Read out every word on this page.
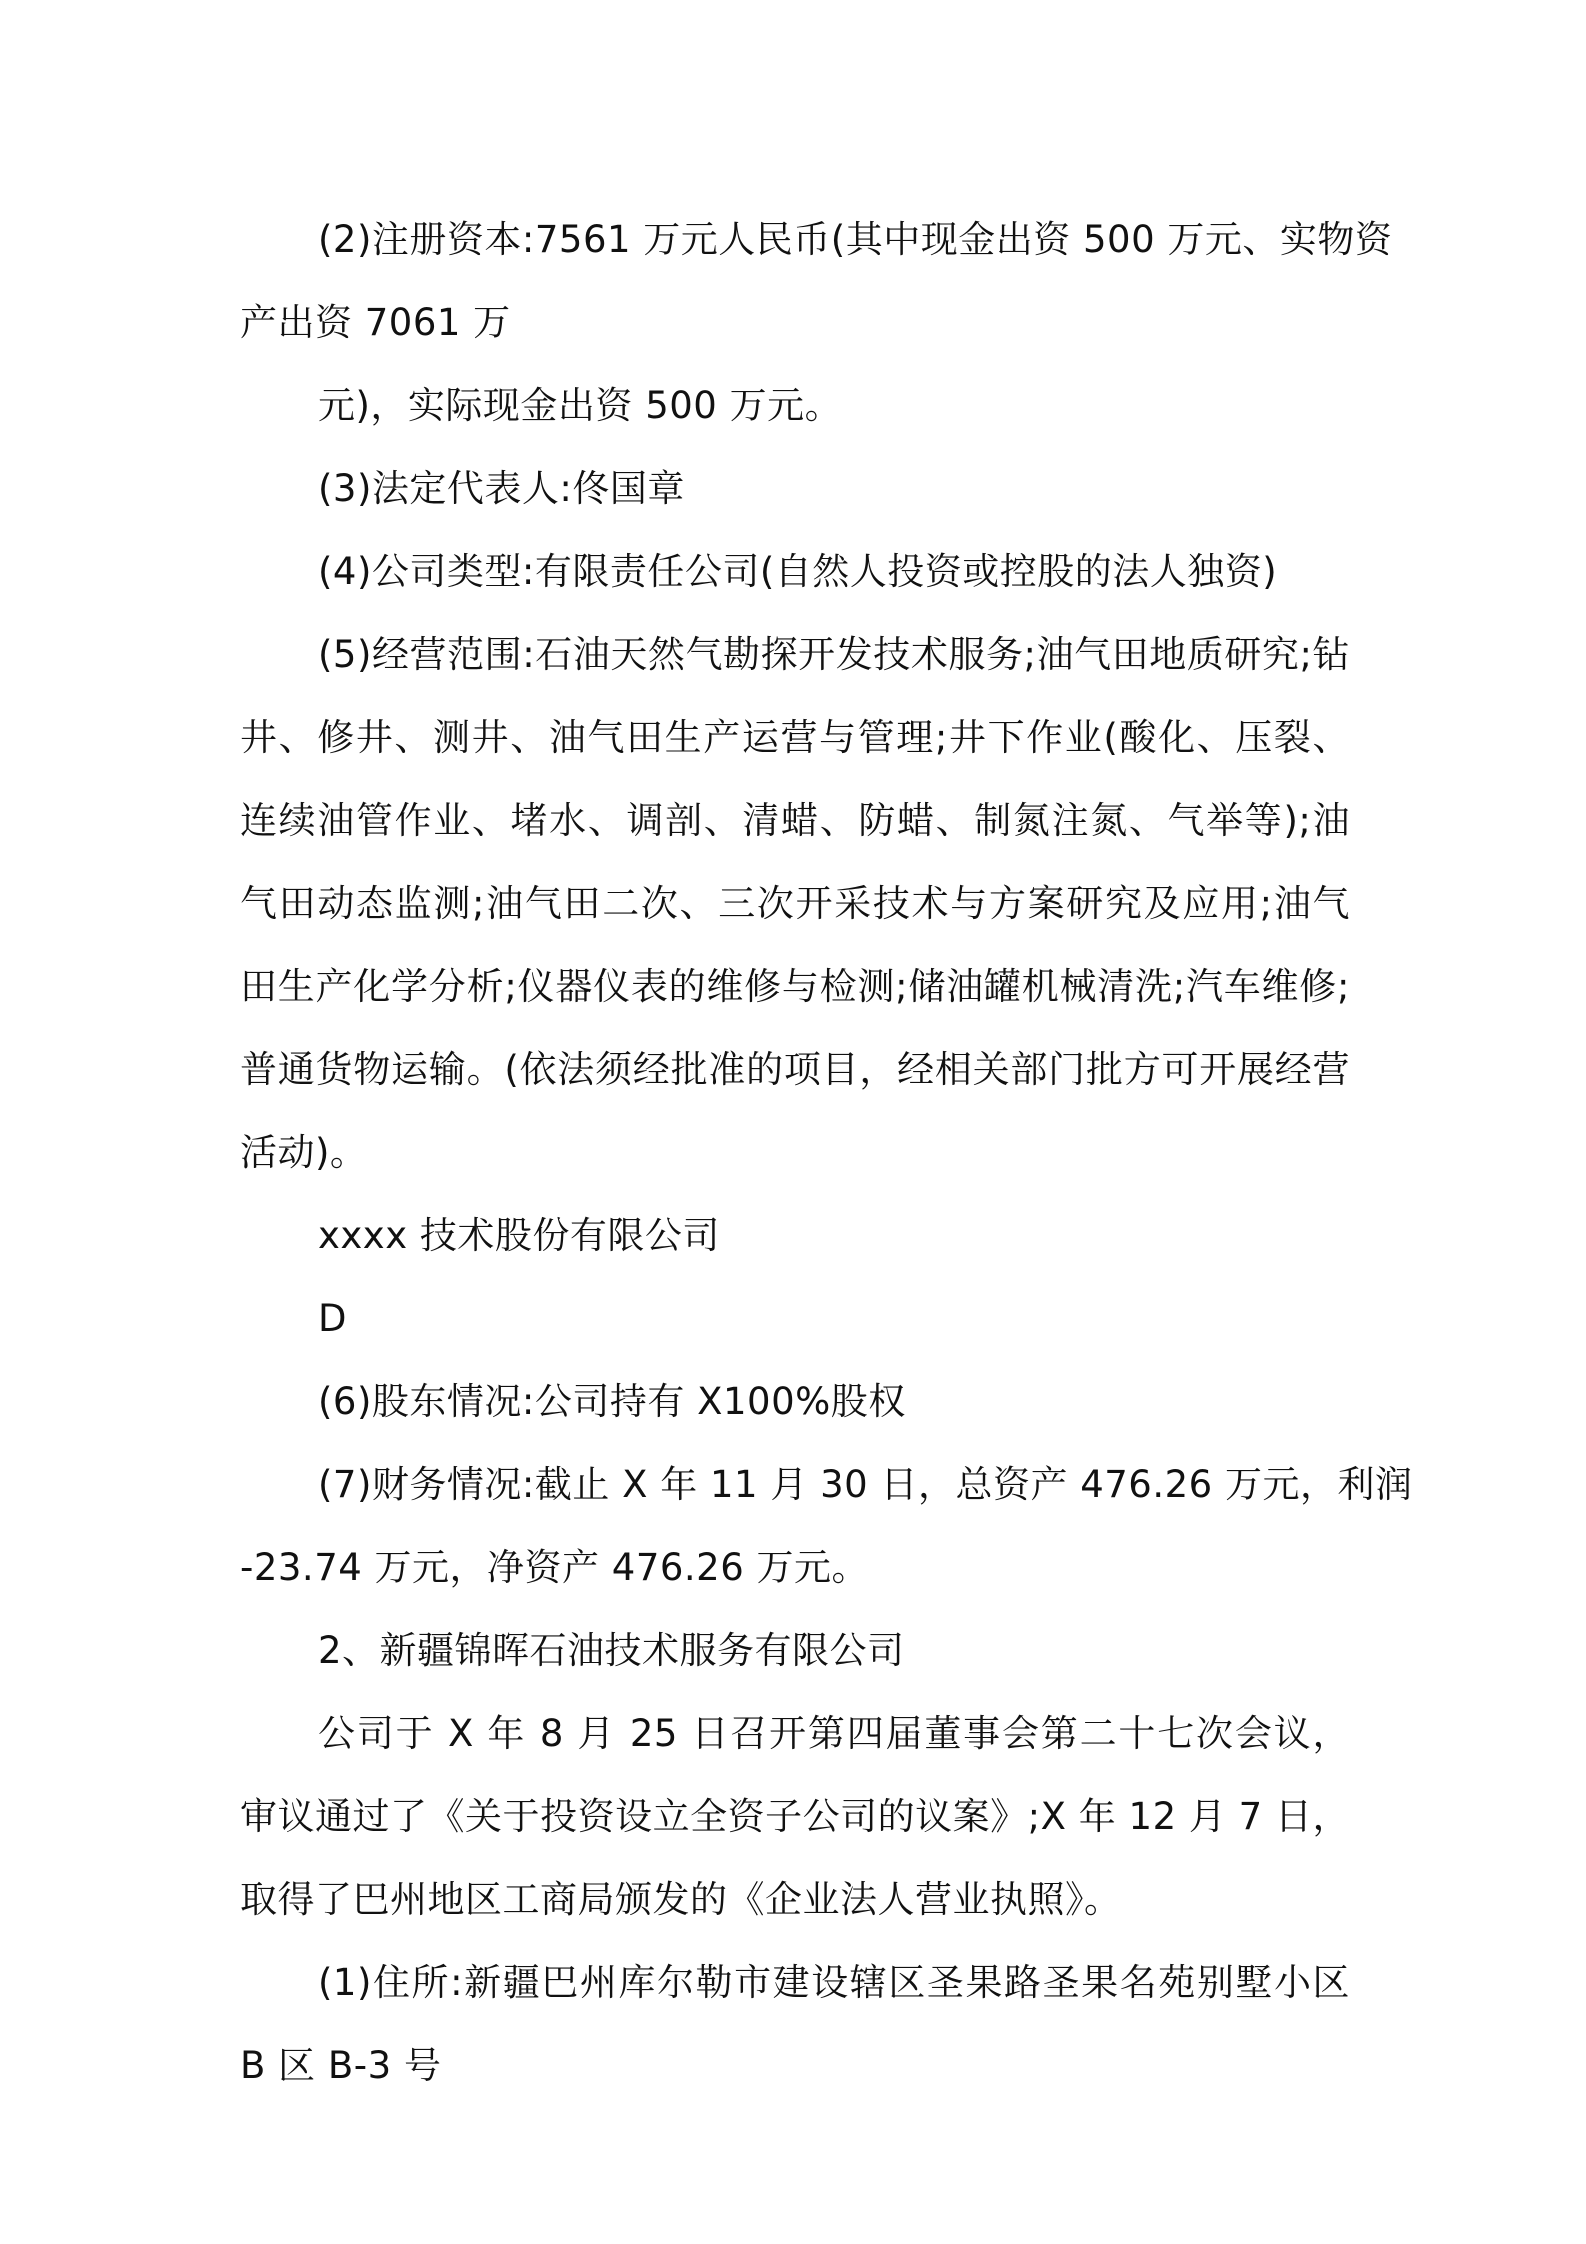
(2)注册资本:7561 万元人民币(其中现金出资 500 万元、实物资

产出资 7061 万

元)，实际现金出资 500 万元。

(3)法定代表人:佟国章

(4)公司类型:有限责任公司(自然人投资或控股的法人独资)

(5)经营范围:石油天然气勘探开发技术服务;油气田地质研究;钻井、修井、测井、油气田生产运营与管理;井下作业(酸化、压裂、连续油管作业、堵水、调剖、清蜡、防蜡、制氮注氮、气举等);油气田动态监测;油气田二次、三次开采技术与方案研究及应用;油气田生产化学分析;仪器仪表的维修与检测;储油罐机械清洗;汽车维修;普通货物运输。(依法须经批准的项目，经相关部门批方可开展经营活动)。

xxxx 技术股份有限公司

D

(6)股东情况:公司持有 X100%股权

(7)财务情况:截止 X 年 11 月 30 日，总资产 476.26 万元，利润

-23.74 万元，净资产 476.26 万元。

2、新疆锦晖石油技术服务有限公司

公司于 X 年 8 月 25 日召开第四届董事会第二十七次会议，审议通过了《关于投资设立全资子公司的议案》;X 年 12 月 7 日，取得了巴州地区工商局颁发的《企业法人营业执照》。

(1)住所:新疆巴州库尔勒市建设辖区圣果路圣果名苑别墅小区 B 区 B-3 号
